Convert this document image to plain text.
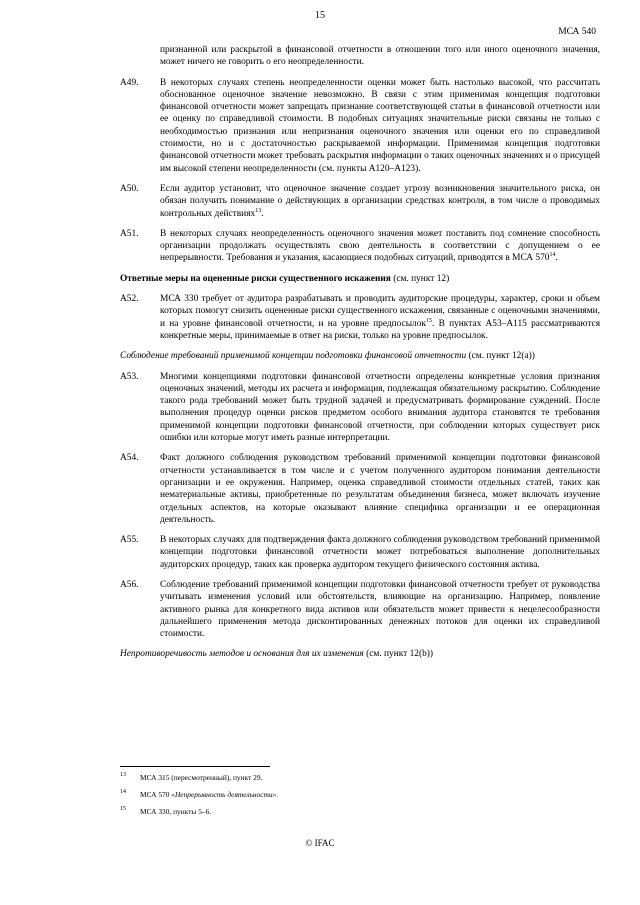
15
МСА 540

признанной или раскрытой в финансовой отчетности в отношении того или иного оценочного значения, может ничего не говорить о его неопределенности.

A49. В некоторых случаях степень неопределенности оценки может быть настолько высокой, что рассчитать обоснованное оценочное значение невозможно. В связи с этим применимая концепция подготовки финансовой отчетности может запрещать признание соответствующей статьи в финансовой отчетности или ее оценку по справедливой стоимости. В подобных ситуациях значительные риски связаны не только с необходимостью признания или непризнания оценочного значения или оценки его по справедливой стоимости, но и с достаточностью раскрываемой информации. Применимая концепция подготовки финансовой отчетности может требовать раскрытия информации о таких оценочных значениях и о присущей им высокой степени неопределенности (см. пункты A120–A123).

A50. Если аудитор установит, что оценочное значение создает угрозу возникновения значительного риска, он обязан получить понимание о действующих в организации средствах контроля, в том числе о проводимых контрольных действиях$^{13}$.

A51. В некоторых случаях неопределенность оценочного значения может поставить под сомнение способность организации продолжать осуществлять свою деятельность в соответствии с допущением о ее непрерывности. Требования и указания, касающиеся подобных ситуаций, приводятся в МСА $570^{14}$.

Ответные меры на оцененные риски существенного искажения (см. пункт 12)

A52. МСА 330 требует от аудитора разрабатывать и проводить аудиторские процедуры, характер, сроки и объем которых помогут снизить оцененные риски существенного искажения, связанные с оценочными значениями, и на уровне финансовой отчетности, и на уровне предпосылок$^{15}$. В пунктах A53–A115 рассматриваются конкретные меры, принимаемые в ответ на риски, только на уровне предпосылок.

Соблюдение требований применимой концепции подготовки финансовой отчетности (см. пункт 12(a))

A53. Многими концепциями подготовки финансовой отчетности определены конкретные условия признания оценочных значений, методы их расчета и информация, подлежащая обязательному раскрытию. Соблюдение такого рода требований может быть трудной задачей и предусматривать формирование суждений. После выполнения процедур оценки рисков предметом особого внимания аудитора становятся те требования применимой концепции подготовки финансовой отчетности, при соблюдении которых существует риск ошибки или которые могут иметь разные интерпретации.

A54. Факт должного соблюдения руководством требований применимой концепции подготовки финансовой отчетности устанавливается в том числе и с учетом полученного аудитором понимания деятельности организации и ее окружения. Например, оценка справедливой стоимости отдельных статей, таких как нематериальные активы, приобретенные по результатам объединения бизнеса, может включать изучение отдельных аспектов, на которые оказывают влияние специфика организации и ее операционная деятельность.

A55. В некоторых случаях для подтверждения факта должного соблюдения руководством требований применимой концепции подготовки финансовой отчетности может потребоваться выполнение дополнительных аудиторских процедур, таких как проверка аудитором текущего физического состояния актива.

A56. Соблюдение требований применимой концепции подготовки финансовой отчетности требует от руководства учитывать изменения условий или обстоятельств, влияющие на организацию. Например, появление активного рынка для конкретного вида активов или обязательств может привести к нецелесообразности дальнейшего применения метода дисконтированных денежных потоков для оценки их справедливой стоимости.

Непротиворечивость методов и основания для их изменения (см. пункт 12(b))

13 МСА 315 (пересмотренный), пункт 29.
14 МСА 570 «Непрерывность деятельности».
15 МСА 330, пункты 5–6.
© IFAC
